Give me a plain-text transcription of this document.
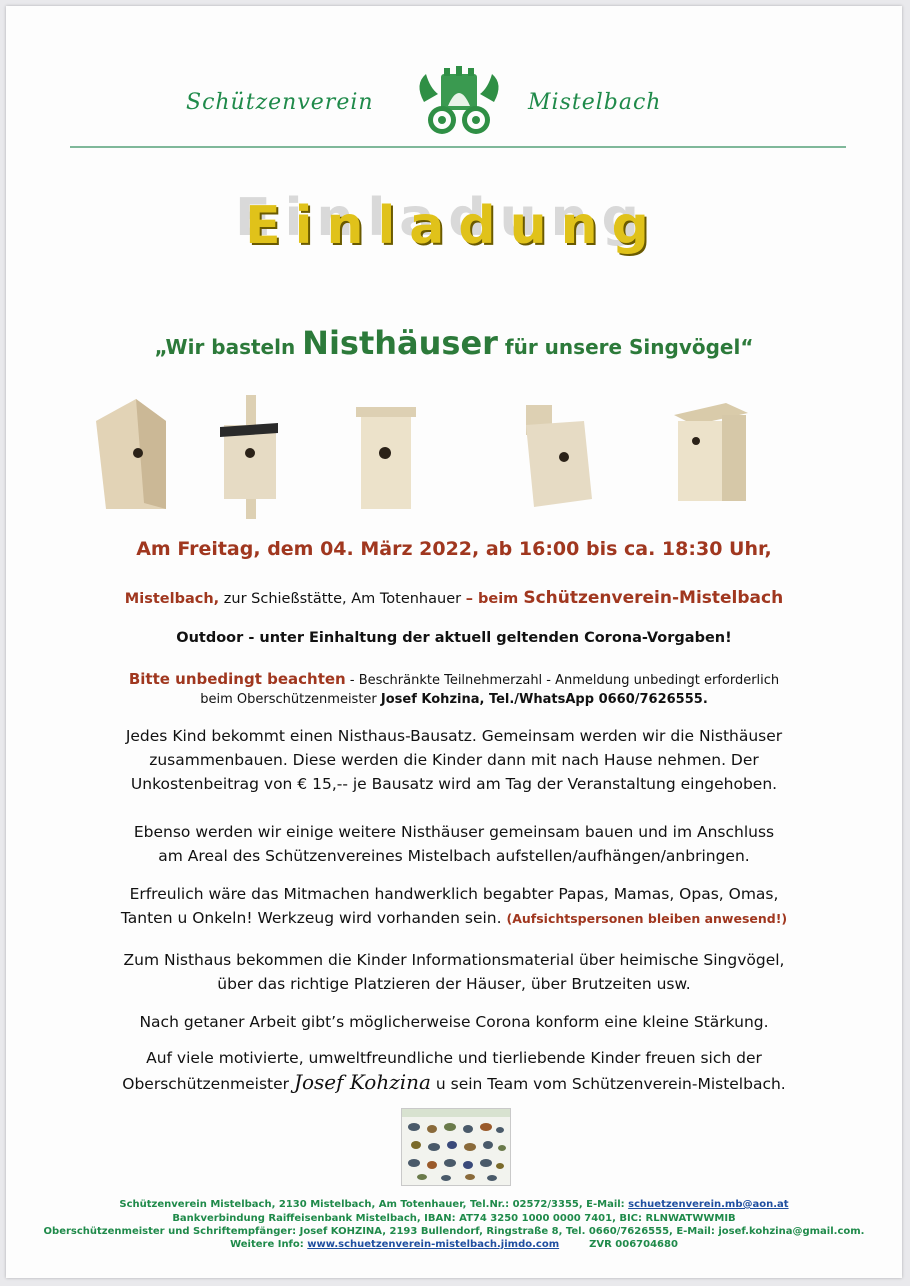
Schützenverein	Mistelbach
Einladung
„Wir basteln Nisthäuser für unsere Singvögel“
Am Freitag, dem 04. März 2022, ab 16:00 bis ca. 18:30 Uhr,
Mistelbach, zur Schießstätte, Am Totenhauer – beim Schützenverein-Mistelbach
Outdoor - unter Einhaltung der aktuell geltenden Corona-Vorgaben!
Bitte unbedingt beachten - Beschränkte Teilnehmerzahl - Anmeldung unbedingt erforderlich
beim Oberschützenmeister Josef Kohzina, Tel./WhatsApp 0660/7626555.
Jedes Kind bekommt einen Nisthaus-Bausatz. Gemeinsam werden wir die Nisthäuser
zusammenbauen. Diese werden die Kinder dann mit nach Hause nehmen. Der
Unkostenbeitrag von € 15,-- je Bausatz wird am Tag der Veranstaltung eingehoben.
Ebenso werden wir einige weitere Nisthäuser gemeinsam bauen und im Anschluss
am Areal des Schützenvereines Mistelbach aufstellen/aufhängen/anbringen.
Erfreulich wäre das Mitmachen handwerklich begabter Papas, Mamas, Opas, Omas,
Tanten u Onkeln! Werkzeug wird vorhanden sein. (Aufsichtspersonen bleiben anwesend!)
Zum Nisthaus bekommen die Kinder Informationsmaterial über heimische Singvögel,
über das richtige Platzieren der Häuser, über Brutzeiten usw.
Nach getaner Arbeit gibt’s möglicherweise Corona konform eine kleine Stärkung.
Auf viele motivierte, umweltfreundliche und tierliebende Kinder freuen sich der
Oberschützenmeister Josef Kohzina u sein Team vom Schützenverein-Mistelbach.
Schützenverein Mistelbach, 2130 Mistelbach, Am Totenhauer, Tel.Nr.: 02572/3355, E-Mail: schuetzenverein.mb@aon.at
Bankverbindung Raiffeisenbank Mistelbach, IBAN: AT74 3250 1000 0000 7401, BIC: RLNWATWWMIB
Oberschützenmeister und Schriftempfänger: Josef KOHZINA, 2193 Bullendorf, Ringstraße 8, Tel. 0660/7626555, E-Mail: josef.kohzina@gmail.com.
Weitere Info: www.schuetzenverein-mistelbach.jimdo.com	ZVR 006704680
